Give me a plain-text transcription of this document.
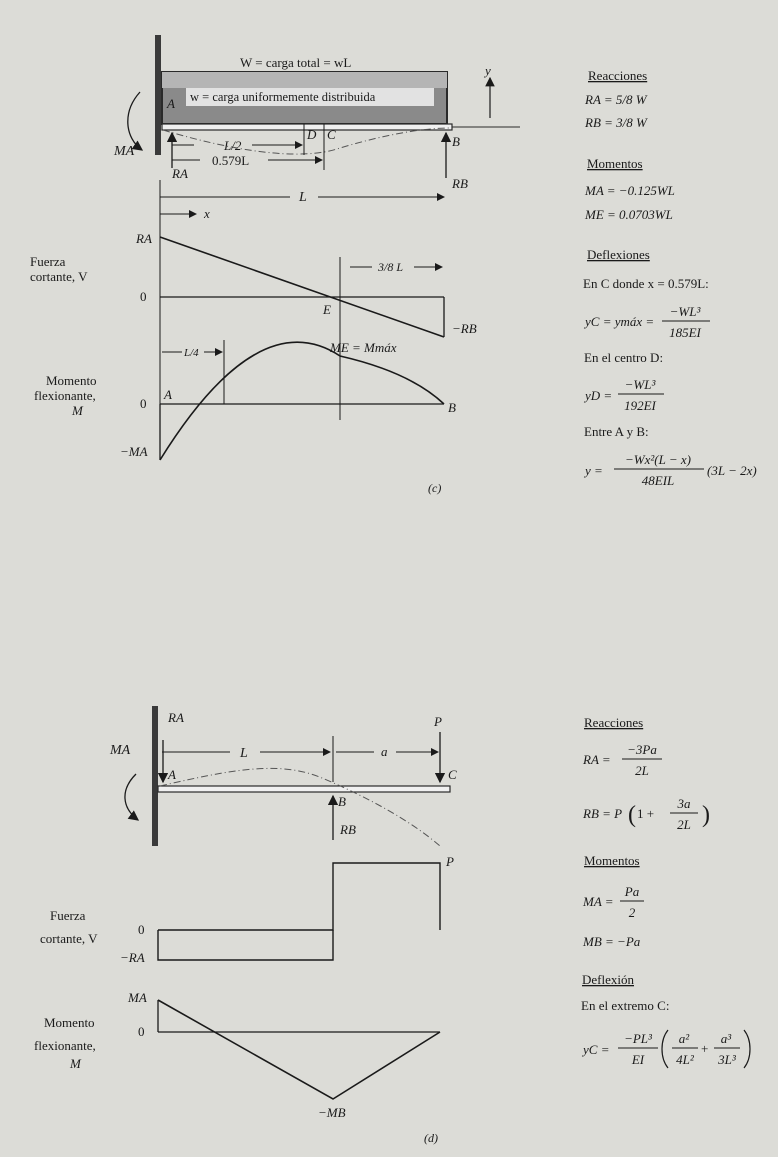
W = carga total = wL
w = carga uniformemente distribuida
y
MA
A
RA
RB
B
D C
L/2
0.579L
L
x
RA
0
−RB
E
Fuerza
cortante, V
3/8 L
L/4	ME = Mmáx
A
B
0
−MA
Momento
flexionante,
M
(c)
Reacciones
RA = 5/8 W
RB = 3/8 W
Momentos
MA = −0.125WL
ME = 0.0703WL
Deflexiones
En C donde x = 0.579L:
yC = ymáx =
−WL³
185EI
En el centro D:
yD =
−WL³
192EI
Entre A y B:
y =
−Wx²(L − x)
48EIL
(3L − 2x)
MA
RA
A
P
C
RB
B
L	a
P
0
−RA
Fuerza
cortante, V
MA
0
−MB
Momento
flexionante,
M
(d)
Reacciones
RA =
−3Pa
2L
RB = P ( 1 +
3a
2L )
Momentos
MA =
Pa
2
MB = −Pa
Deflexión
En el extremo C:
yC =
−PL³
EI
a²
4L²
+
a³
3L³
